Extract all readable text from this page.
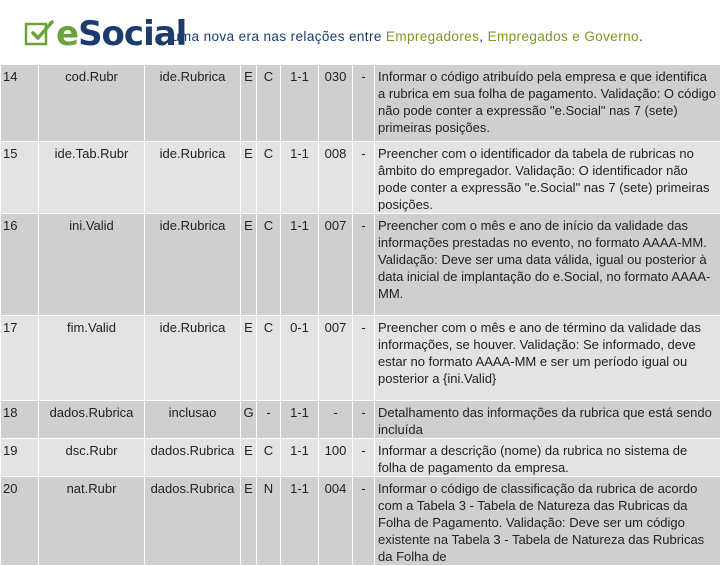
eSocial
uma nova era nas relações entre Empregadores, Empregados e Governo.
14	cod.Rubr	ide.Rubrica	E	C	1-1	030	-	Informar o código atribuído pela empresa e que identifica a rubrica em sua folha de pagamento. Validação: O código não pode conter a expressão "e.Social" nas 7 (sete) primeiras posições.
15	ide.Tab.Rubr	ide.Rubrica	E	C	1-1	008	-	Preencher com o identificador da tabela de rubricas no âmbito do empregador. Validação: O identificador não pode conter a expressão "e.Social" nas 7 (sete) primeiras posições.
16	ini.Valid	ide.Rubrica	E	C	1-1	007	-	Preencher com o mês e ano de início da validade das informações prestadas no evento, no formato AAAA-MM. Validação: Deve ser uma data válida, igual ou posterior à data inicial de implantação do e.Social, no formato AAAA-MM.
17	fim.Valid	ide.Rubrica	E	C	0-1	007	-	Preencher com o mês e ano de término da validade das informações, se houver. Validação: Se informado, deve estar no formato AAAA-MM e ser um período igual ou posterior a {ini.Valid}
18	dados.Rubrica	inclusao	G	-	1-1	-	-	Detalhamento das informações da rubrica que está sendo incluída
19	dsc.Rubr	dados.Rubrica	E	C	1-1	100	-	Informar a descrição (nome) da rubrica no sistema de folha de pagamento da empresa.
20	nat.Rubr	dados.Rubrica	E	N	1-1	004	-	Informar o código de classificação da rubrica de acordo com a Tabela 3 - Tabela de Natureza das Rubricas da Folha de Pagamento. Validação: Deve ser um código existente na Tabela 3 - Tabela de Natureza das Rubricas da Folha de
